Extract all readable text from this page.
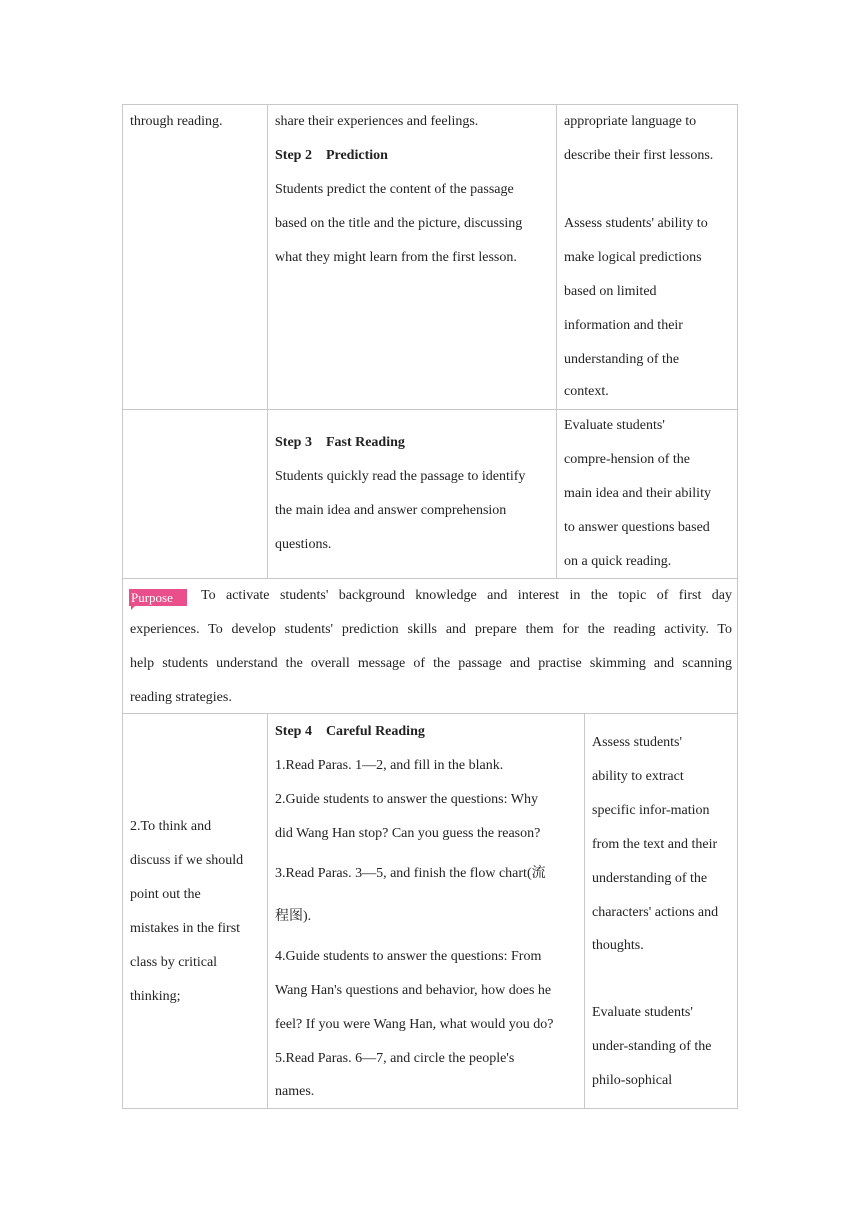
through reading.	share their experiences and feelings.
Step 2    Prediction
Students predict the content of the passage
based on the title and the picture, discussing
what they might learn from the first lesson.
appropriate language to
describe their first lessons.
Assess students' ability to
make logical predictions
based on limited
information and their
understanding of the
context.
Step 3    Fast Reading
Students quickly read the passage to identify
the main idea and answer comprehension
questions.
Evaluate students'
compre-hension of the
main idea and their ability
to answer questions based
on a quick reading.
Purpose	To activate students' background knowledge and interest in the topic of first day
experiences. To develop students' prediction skills and prepare them for the reading activity. To
help students understand the overall message of the passage and practise skimming and scanning
reading strategies.
2.To think and
discuss if we should
point out the
mistakes in the first
class by critical
thinking;
Step 4    Careful Reading
1.Read Paras. 1—2, and fill in the blank.
2.Guide students to answer the questions: Why
did Wang Han stop? Can you guess the reason?
3.Read Paras. 3—5, and finish the flow chart(流
程图).
4.Guide students to answer the questions: From
Wang Han's questions and behavior, how does he
feel? If you were Wang Han, what would you do?
5.Read Paras. 6—7, and circle the people's
names.
Assess students'
ability to extract
specific infor-mation
from the text and their
understanding of the
characters' actions and
thoughts.
Evaluate students'
under-standing of the
philo-sophical
